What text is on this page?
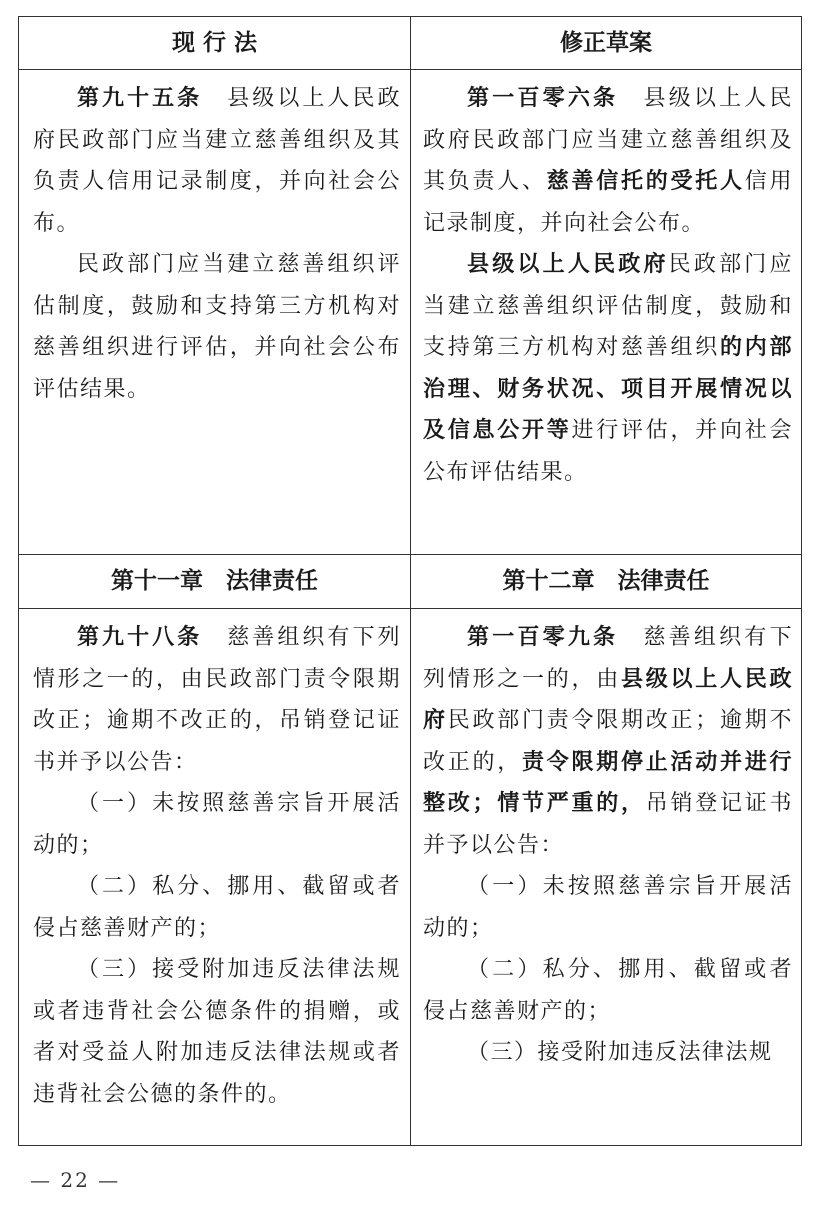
现 行 法	修正草案

第九十五条　县级以上人民政府民政部门应当建立慈善组织及其负责人信用记录制度，并向社会公布。

民政部门应当建立慈善组织评估制度，鼓励和支持第三方机构对慈善组织进行评估，并向社会公布评估结果。

第一百零六条　县级以上人民政府民政部门应当建立慈善组织及其负责人、慈善信托的受托人信用记录制度，并向社会公布。

县级以上人民政府民政部门应当建立慈善组织评估制度，鼓励和支持第三方机构对慈善组织的内部治理、财务状况、项目开展情况以及信息公开等进行评估，并向社会公布评估结果。

第十一章　法律责任	第十二章　法律责任

第九十八条　慈善组织有下列情形之一的，由民政部门责令限期改正；逾期不改正的，吊销登记证书并予以公告：

（一）未按照慈善宗旨开展活动的；

（二）私分、挪用、截留或者侵占慈善财产的；

（三）接受附加违反法律法规或者违背社会公德条件的捐赠，或者对受益人附加违反法律法规或者违背社会公德的条件的。

第一百零九条　慈善组织有下列情形之一的，由县级以上人民政府民政部门责令限期改正；逾期不改正的，责令限期停止活动并进行整改；情节严重的，吊销登记证书并予以公告：

（一）未按照慈善宗旨开展活动的；

（二）私分、挪用、截留或者侵占慈善财产的；

（三）接受附加违反法律法规

— 22 —
